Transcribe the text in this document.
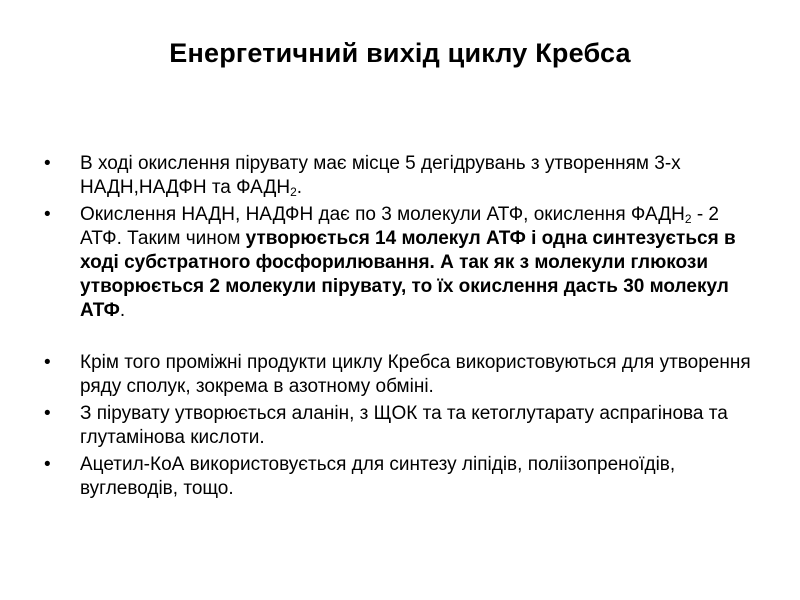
Енергетичний вихід циклу Кребса
•
В ході окислення пірувату має місце 5 дегідрувань з утворенням 3-х НАДН,НАДФН та $ФАДН_2$.
•
Окислення НАДН, НАДФН дає по 3 молекули АТФ, окислення $ФАДН_2 - 2$ АТФ. Таким чином утворюється 14 молекул АТФ і одна синтезується в ході субстратного фосфорилювання. А так як з молекули глюкози утворюється 2 молекули пірувату, то їх окислення дасть 30 молекул АТФ.
•
Крім того проміжні продукти циклу Кребса використовуються для утворення ряду сполук, зокрема в азотному обміні.
•
З пірувату утворюється аланін, з ЩОК та та кетоглутарату аспрагінова та глутамінова кислоти.
•
Ацетил-КоА використовується для синтезу ліпідів, поліізопреноїдів, вуглеводів, тощо.
